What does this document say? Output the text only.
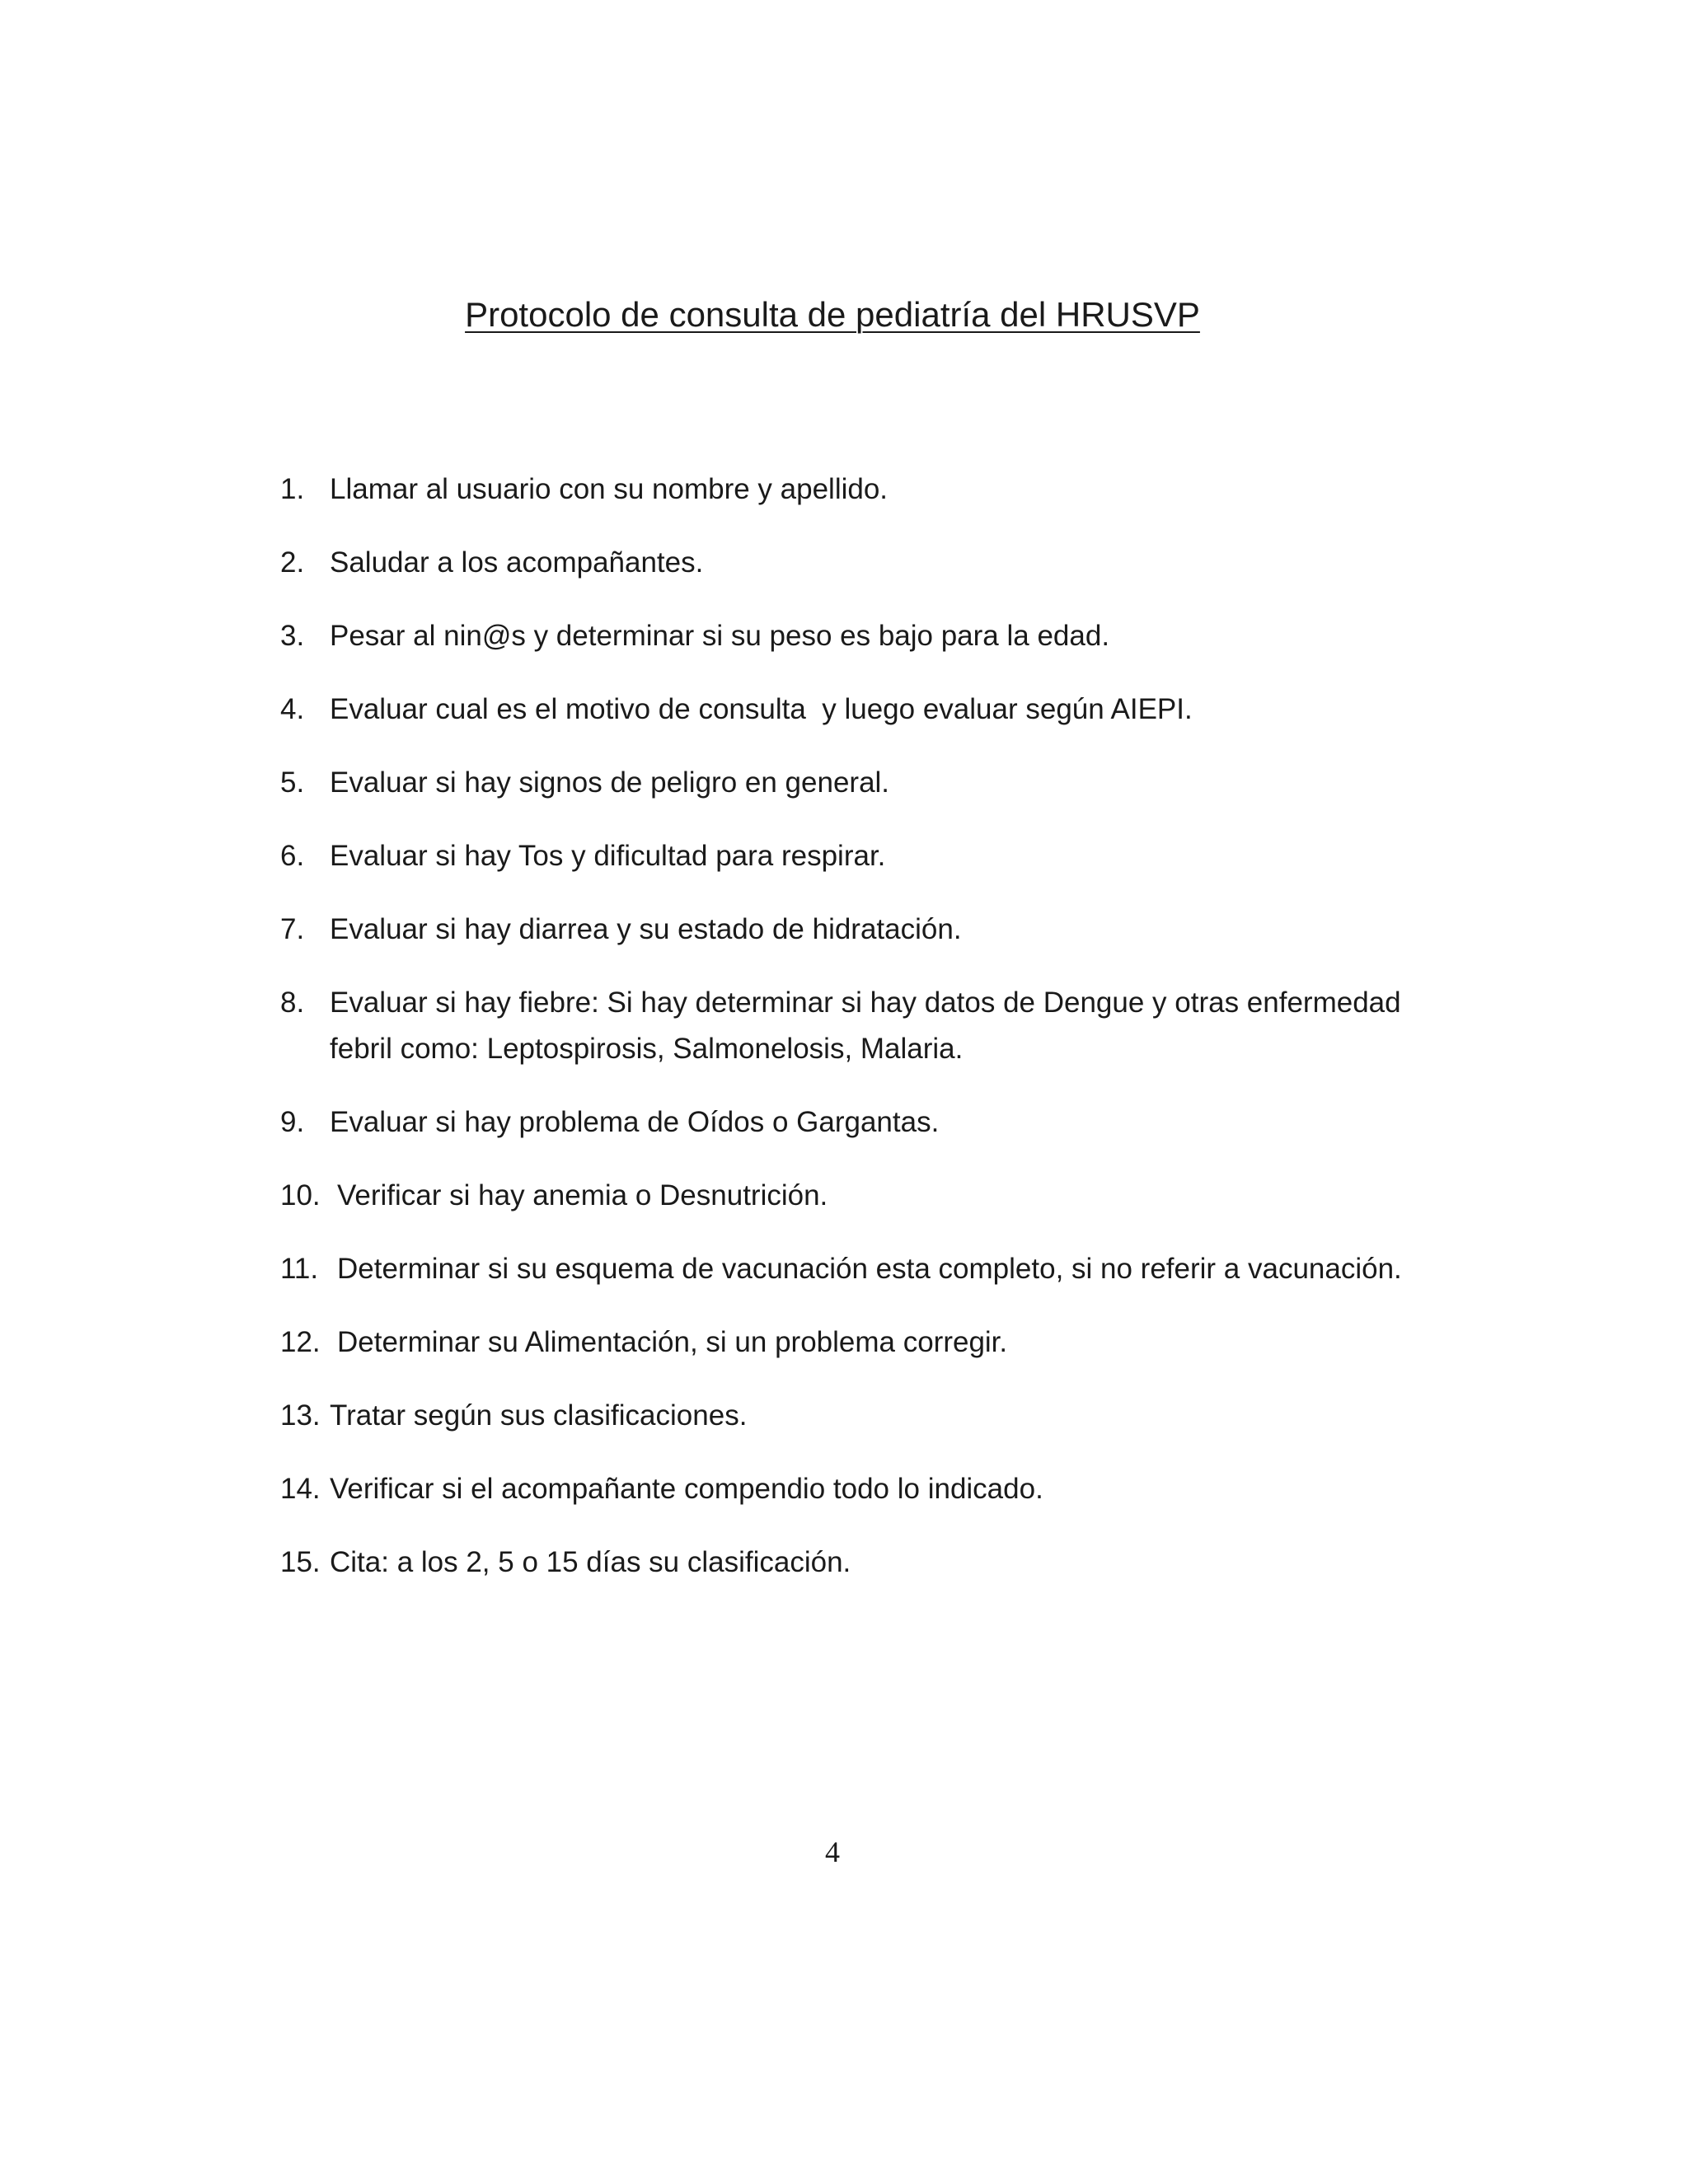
Protocolo de consulta de pediatría del HRUSVP
1. Llamar al usuario con su nombre y apellido.
2. Saludar a los acompañantes.
3. Pesar al nin@s y determinar si su peso es bajo para la edad.
4. Evaluar cual es el motivo de consulta  y luego evaluar según AIEPI.
5. Evaluar si hay signos de peligro en general.
6. Evaluar si hay Tos y dificultad para respirar.
7. Evaluar si hay diarrea y su estado de hidratación.
8. Evaluar si hay fiebre: Si hay determinar si hay datos de Dengue y otras enfermedad febril como: Leptospirosis, Salmonelosis, Malaria.
9. Evaluar si hay problema de Oídos o Gargantas.
10. Verificar si hay anemia o Desnutrición.
11. Determinar si su esquema de vacunación esta completo, si no referir a vacunación.
12. Determinar su Alimentación, si un problema corregir.
13. Tratar según sus clasificaciones.
14. Verificar si el acompañante compendio todo lo indicado.
15. Cita: a los 2, 5 o 15 días su clasificación.

4
